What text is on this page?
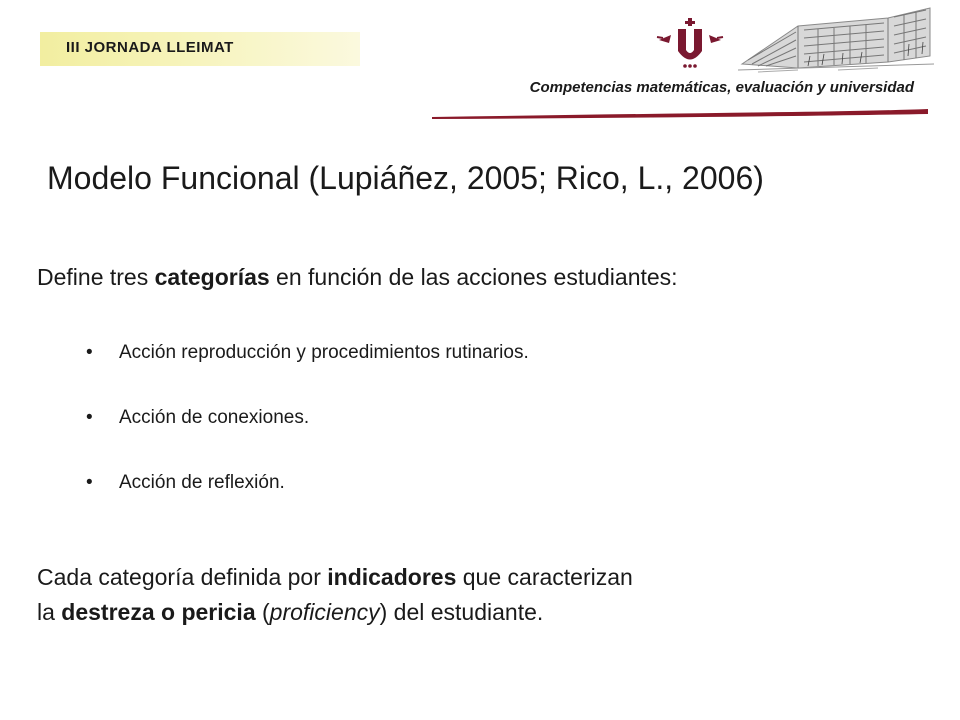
III JORNADA LLEIMAT
Competencias matemáticas, evaluación y universidad
Modelo Funcional (Lupiáñez, 2005; Rico, L., 2006)

Define tres categorías en función de las acciones estudiantes:

• Acción reproducción y procedimientos rutinarios.
• Acción de conexiones.
• Acción de reflexión.

Cada categoría definida por indicadores que caracterizan
la destreza o pericia (proficiency) del estudiante.
